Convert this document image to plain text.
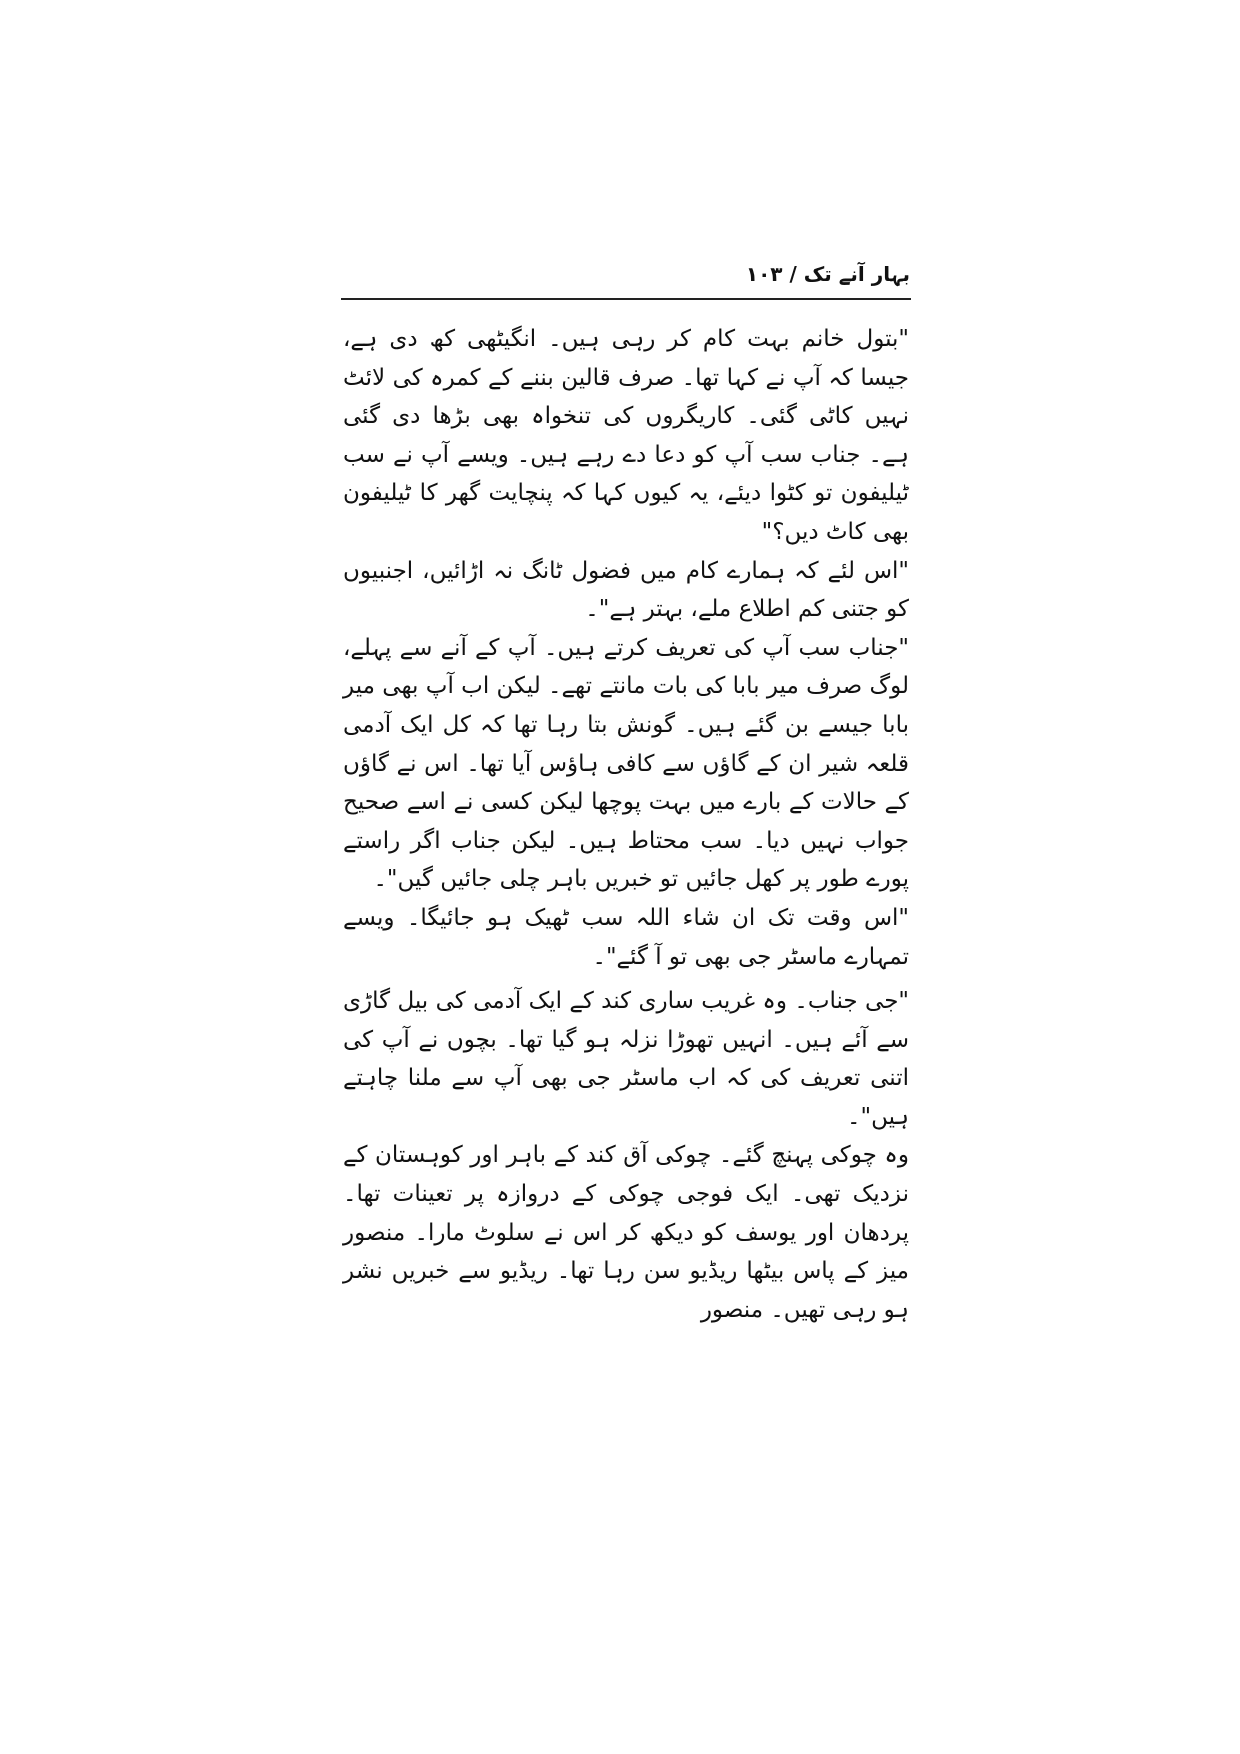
بہار آنے تک / ۱۰۳

"بتول خانم بہت کام کر رہی ہیں۔ انگیٹھی کھ دی ہے، جیسا کہ آپ نے کہا تھا۔ صرف قالین بننے کے کمرہ کی لائٹ نہیں کاٹی گئی۔ کاریگروں کی تنخواہ بھی بڑھا دی گئی ہے۔ جناب سب آپ کو دعا دے رہے ہیں۔ ویسے آپ نے سب ٹیلیفون تو کٹوا دیئے، یہ کیوں کہا کہ پنچایت گھر کا ٹیلیفون بھی کاٹ دیں؟"

"اس لئے کہ ہمارے کام میں فضول ٹانگ نہ اڑائیں، اجنبیوں کو جتنی کم اطلاع ملے، بہتر ہے"۔

"جناب سب آپ کی تعریف کرتے ہیں۔ آپ کے آنے سے پہلے، لوگ صرف میر بابا کی بات مانتے تھے۔ لیکن اب آپ بھی میر بابا جیسے بن گئے ہیں۔ گونش بتا رہا تھا کہ کل ایک آدمی قلعہ شیر ان کے گاؤں سے کافی ہاؤس آیا تھا۔ اس نے گاؤں کے حالات کے بارے میں بہت پوچھا لیکن کسی نے اسے صحیح جواب نہیں دیا۔ سب محتاط ہیں۔ لیکن جناب اگر راستے پورے طور پر کھل جائیں تو خبریں باہر چلی جائیں گیں"۔

"اس وقت تک ان شاء اللہ سب ٹھیک ہو جائیگا۔ ویسے تمہارے ماسٹر جی بھی تو آ گئے"۔

"جی جناب۔ وہ غریب ساری کند کے ایک آدمی کی بیل گاڑی سے آئے ہیں۔ انہیں تھوڑا نزلہ ہو گیا تھا۔ بچوں نے آپ کی اتنی تعریف کی کہ اب ماسٹر جی بھی آپ سے ملنا چاہتے ہیں"۔

وہ چوکی پہنچ گئے۔ چوکی آق کند کے باہر اور کوہستان کے نزدیک تھی۔ ایک فوجی چوکی کے دروازہ پر تعینات تھا۔ پردھان اور یوسف کو دیکھ کر اس نے سلوٹ مارا۔ منصور میز کے پاس بیٹھا ریڈیو سن رہا تھا۔ ریڈیو سے خبریں نشر ہو رہی تھیں۔ منصور
